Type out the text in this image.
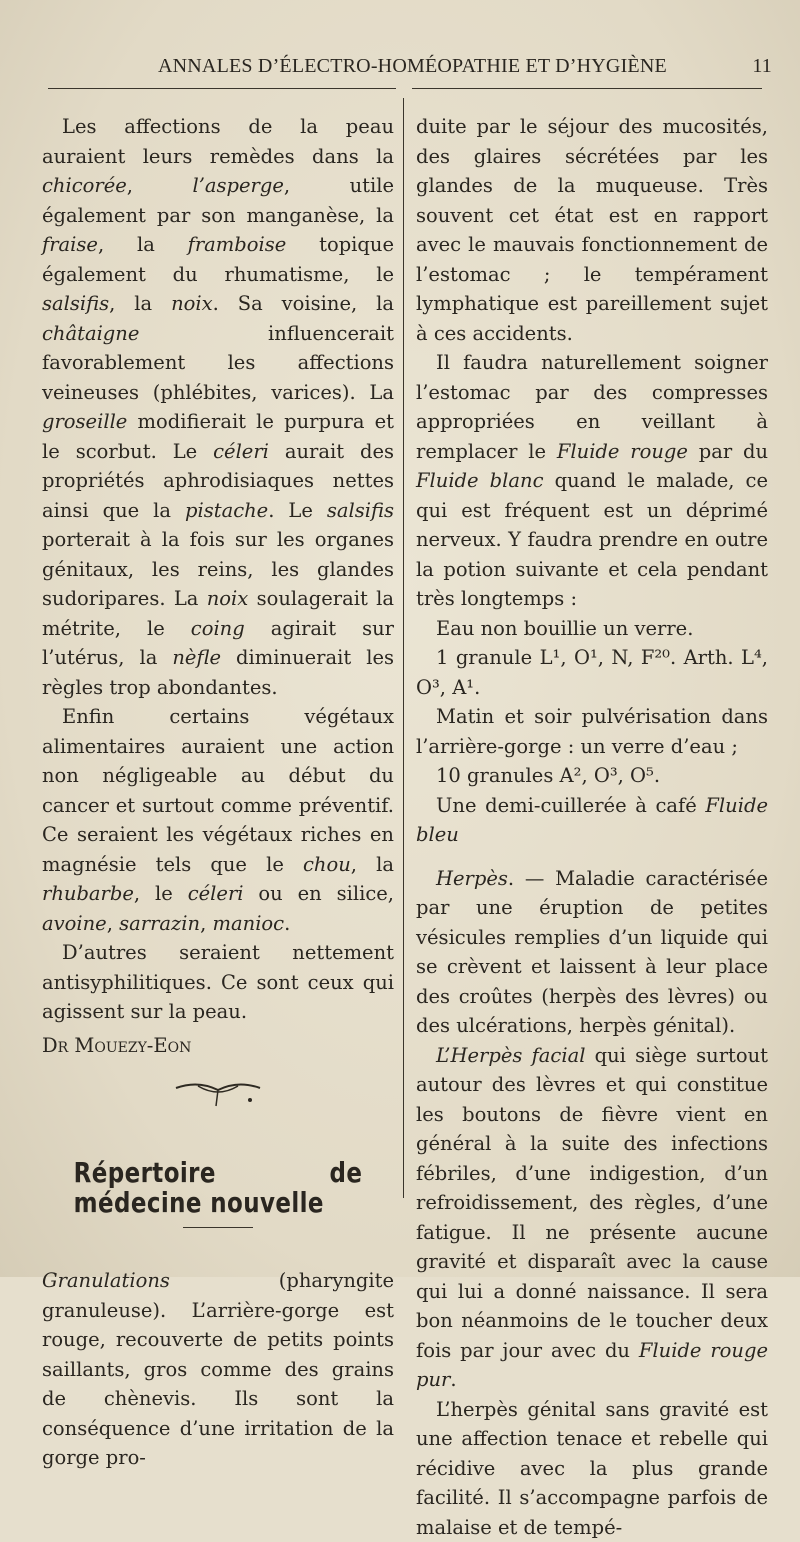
ANNALES D’ÉLECTRO-HOMÉOPATHIE ET D’HYGIÈNE	11

Les affections de la peau auraient leurs remèdes dans la chicorée, l’asperge, utile également par son manganèse, la fraise, la framboise topique également du rhumatisme, le salsifis, la noix. Sa voisine, la châtaigne influencerait favorablement les affections veineuses (phlébites, varices). La groseille modifierait le purpura et le scorbut. Le céleri aurait des propriétés aphrodisiaques nettes ainsi que la pistache. Le salsifis porterait à la fois sur les organes génitaux, les reins, les glandes sudoripares. La noix soulagerait la métrite, le coing agirait sur l’utérus, la nèfle diminuerait les règles trop abondantes.

Enfin certains végétaux alimentaires auraient une action non négligeable au début du cancer et surtout comme préventif. Ce seraient les végétaux riches en magnésie tels que le chou, la rhubarbe, le céleri ou en silice, avoine, sarrazin, manioc.

D’autres seraient nettement antisyphilitiques. Ce sont ceux qui agissent sur la peau.

Dr Mouezy-Eon

Répertoire de médecine nouvelle

Granulations (pharyngite granuleuse). L’arrière-gorge est rouge, recouverte de petits points saillants, gros comme des grains de chènevis. Ils sont la conséquence d’une irritation de la gorge pro-

duite par le séjour des mucosités, des glaires sécrétées par les glandes de la muqueuse. Très souvent cet état est en rapport avec le mauvais fonctionnement de l’estomac ; le tempérament lymphatique est pareillement sujet à ces accidents.

Il faudra naturellement soigner l’estomac par des compresses appropriées en veillant à remplacer le Fluide rouge par du Fluide blanc quand le malade, ce qui est fréquent est un déprimé nerveux. Y faudra prendre en outre la potion suivante et cela pendant très longtemps :

Eau non bouillie un verre.

1 granule L¹, O¹, N, F²⁰. Arth. L⁴, O³, A¹.

Matin et soir pulvérisation dans l’arrière-gorge : un verre d’eau ;

10 granules A², O³, O⁵.

Une demi-cuillerée à café Fluide bleu

Herpès. — Maladie caractérisée par une éruption de petites vésicules remplies d’un liquide qui se crèvent et laissent à leur place des croûtes (herpès des lèvres) ou des ulcérations, herpès génital).

L’Herpès facial qui siège surtout autour des lèvres et qui constitue les boutons de fièvre vient en général à la suite des infections fébriles, d’une indigestion, d’un refroidissement, des règles, d’une fatigue. Il ne présente aucune gravité et disparaît avec la cause qui lui a donné naissance. Il sera bon néanmoins de le toucher deux fois par jour avec du Fluide rouge pur.

L’herpès génital sans gravité est une affection tenace et rebelle qui récidive avec la plus grande facilité. Il s’accompagne parfois de malaise et de tempé-
